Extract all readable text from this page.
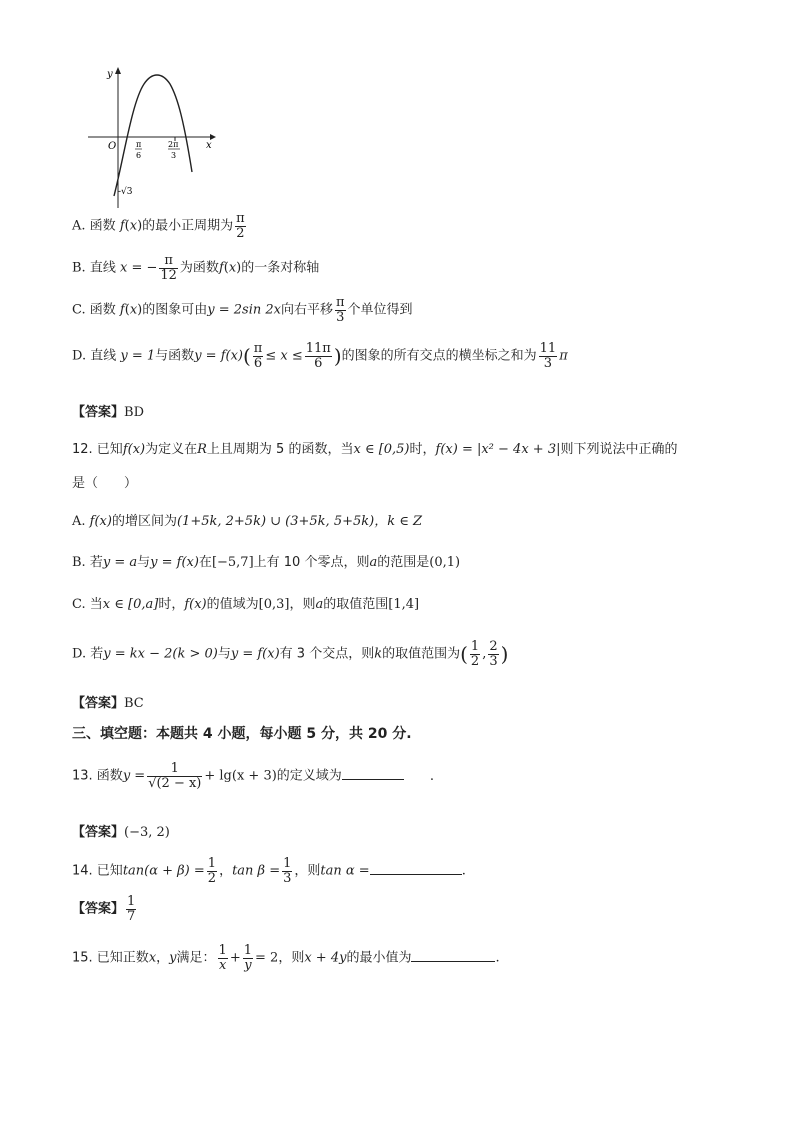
y
x
O π
6
2π
3
-√3
A. 函数 f(x)的最小正周期为 $\frac{\pi}{2}$
B. 直线 x = − $\frac{\pi}{12}$ 为函数f(x)的一条对称轴
C. 函数 f(x)的图象可由y = 2sin 2x向右平移 $\frac{\pi}{3}$ 个单位得到
D. 直线 y = 1与函数$y = f(x)( \frac{\pi}{6} \le x \le \frac{11\pi}{6}$ )的图象的所有交点的横坐标之和为 $\frac{11}{3}$ π
【答案】BD
12. 已知f(x)为定义在R上且周期为 5 的函数，当x ∈ [0,5)时，f(x) = |x² − 4x + 3|则下列说法中正确的
是（　　）
A. f(x)的增区间为(1+5k, 2+5k) ∪ (3+5k, 5+5k)，k ∈ Z
B. 若y = a与y = f(x)在[−5,7]上有 10 个零点，则a的范围是(0,1)
C. 当x ∈ [0,a]时，f(x)的值域为[0,3]，则a的取值范围[1,4]
D. 若y = kx − 2(k > 0)与y = f(x)有 3 个交点，则k的取值范围为( $\frac{1}{2}$ , $\frac{2}{3}$ )
【答案】BC
三、填空题：本题共 4 小题，每小题 5 分，共 20 分.
13. 函数$y = \frac{1}{√(2 - x)} + \lg(x + 3)$的定义域为	.
【答案】(−3, 2)
14. 已知$\tan(\alpha + \beta) = \frac{1}{2}$ ，$\tan \beta = \frac{1}{3}$ ，则tan α =	.
【答案】 $\frac{1}{7}$
15. 已知正数x，y满足： $\frac{1}{x} + \frac{1}{y} = 2$，则x + 4y的最小值为	.
